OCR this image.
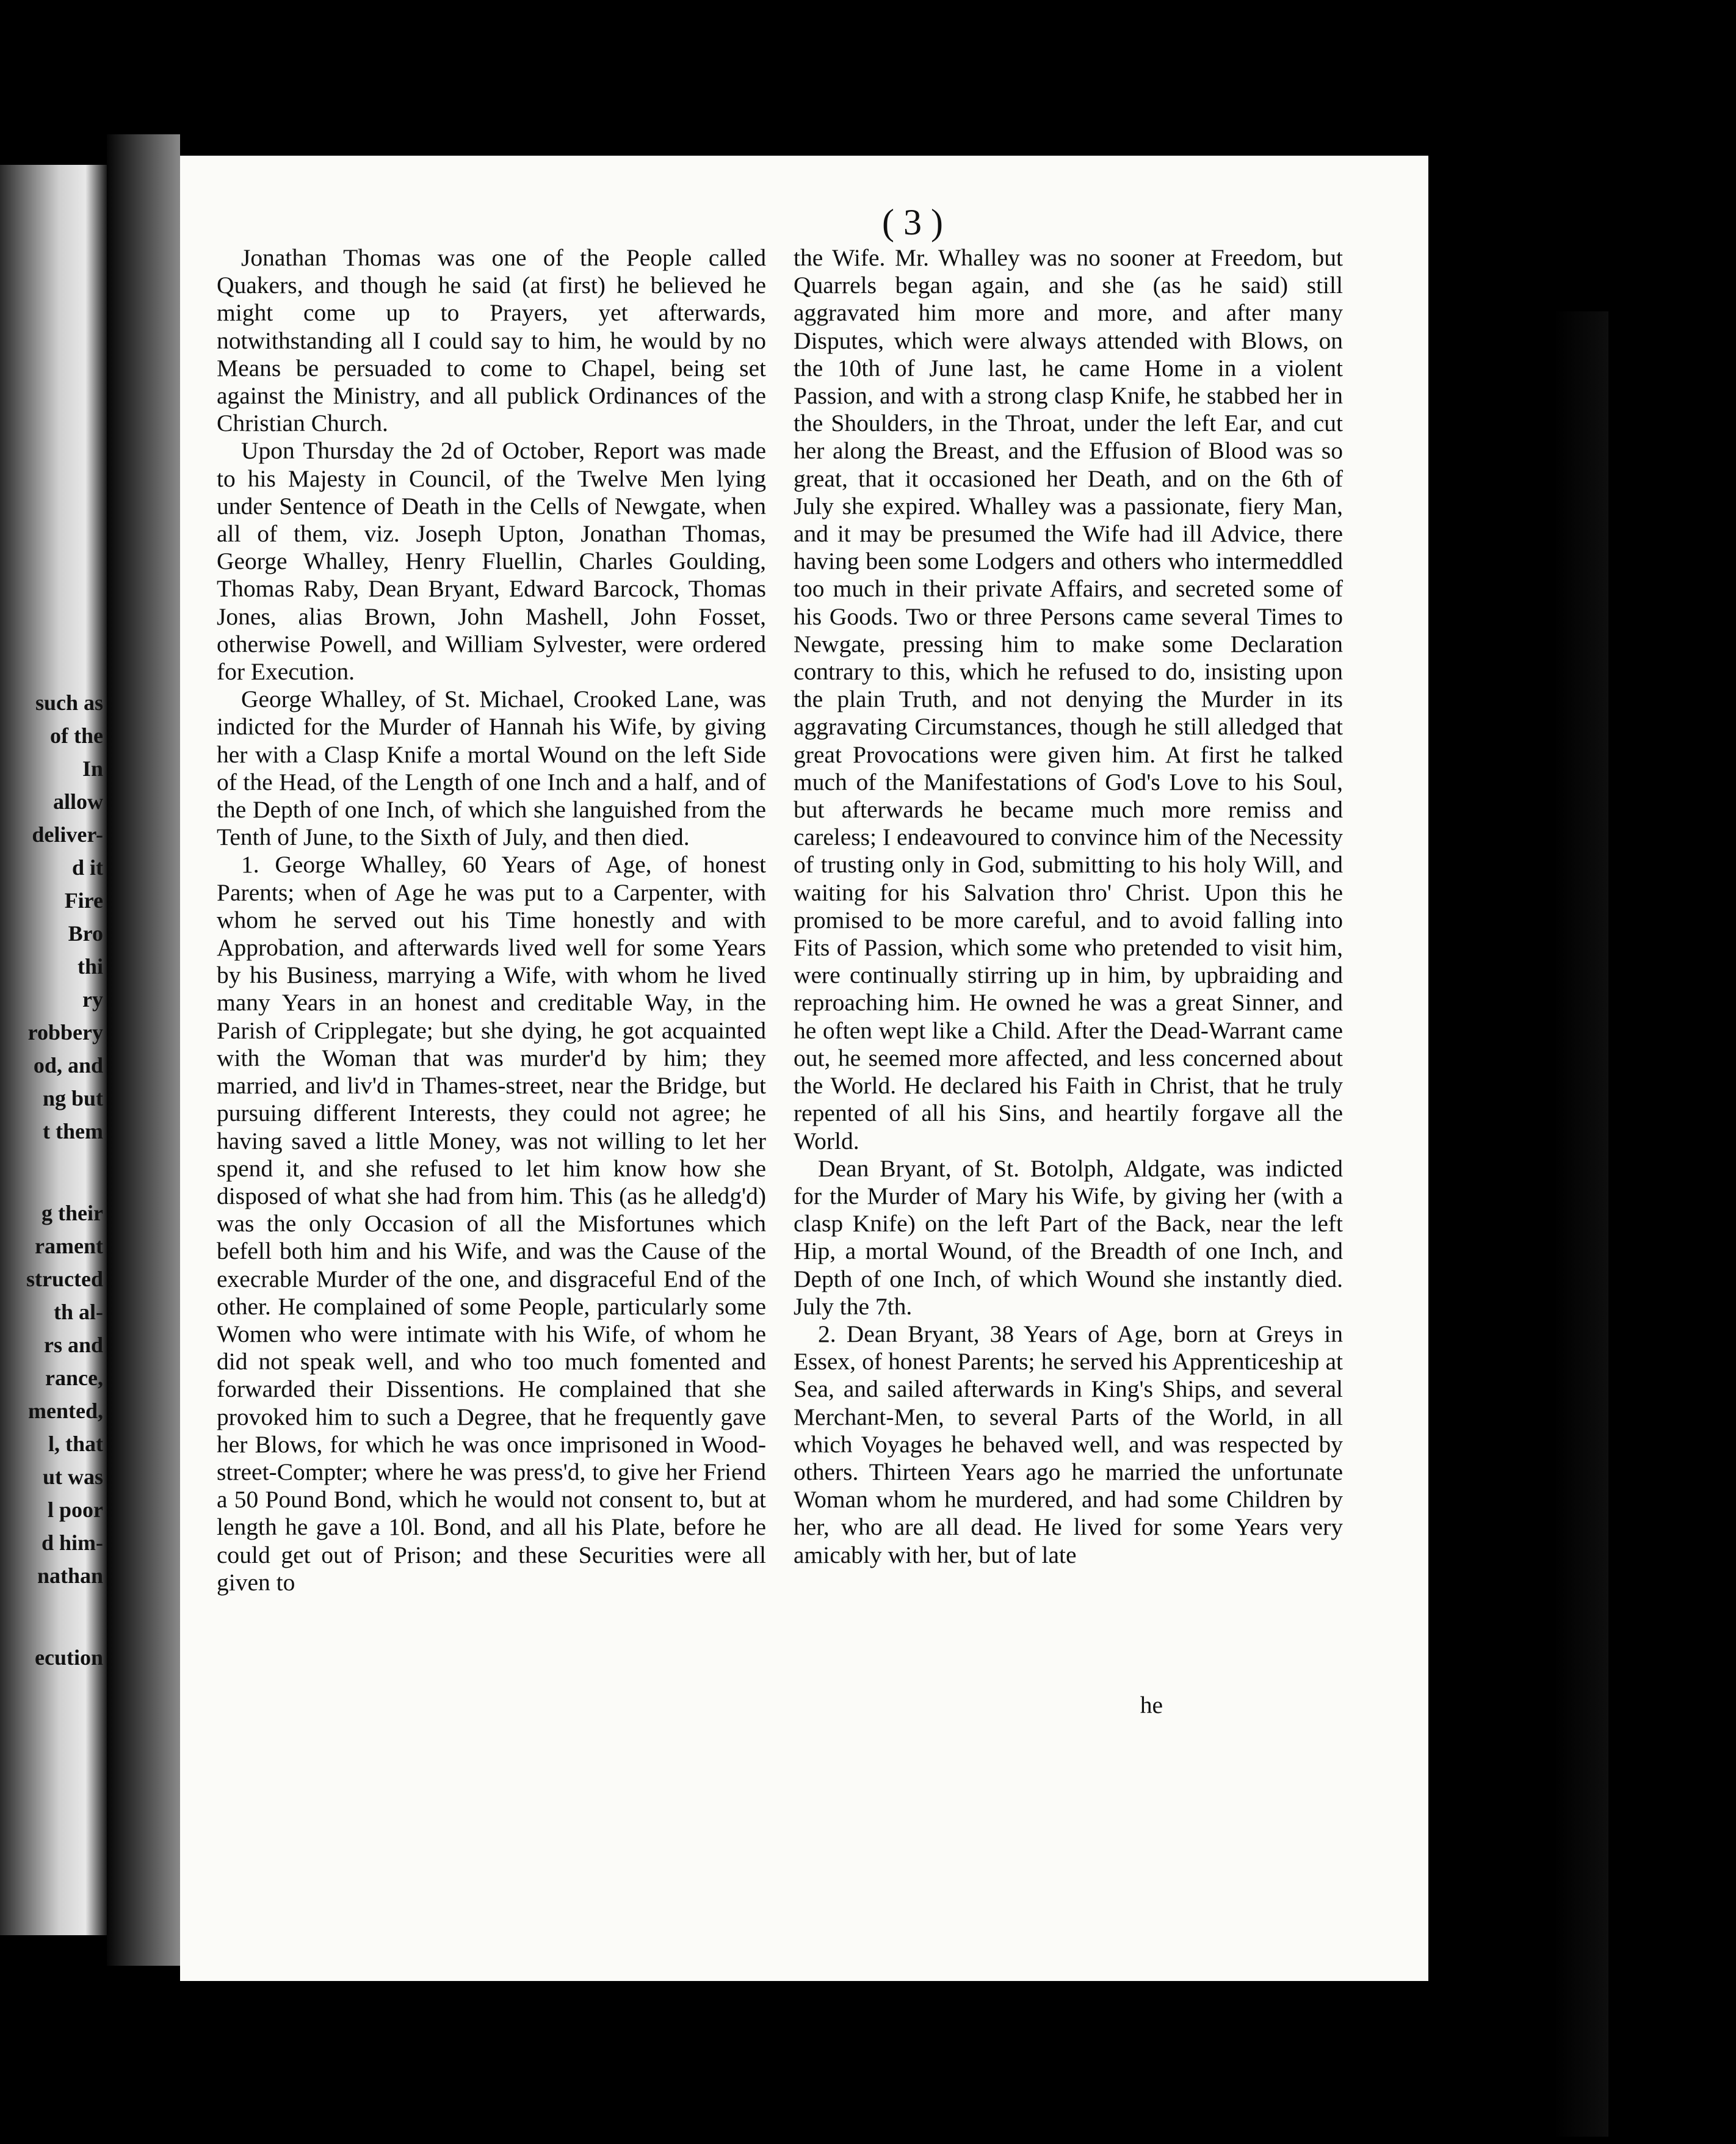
such as
of the
In
allow
deliver-
d it
Fire
Bro
thi
ry
robbery
od, and
ng but
t them
g their
rament
structed
th al-
rs and
rance,
mented,
l, that
ut was
l poor
d him-
nathan
ecution
( 3 )

Jonathan Thomas was one of the People called Quakers, and though he said (at first) he believed he might come up to Prayers, yet afterwards, notwithstanding all I could say to him, he would by no Means be persuaded to come to Chapel, being set against the Ministry, and all publick Ordinances of the Christian Church.

Upon Thursday the 2d of October, Report was made to his Majesty in Council, of the Twelve Men lying under Sentence of Death in the Cells of Newgate, when all of them, viz. Joseph Upton, Jonathan Thomas, George Whalley, Henry Fluellin, Charles Goulding, Thomas Raby, Dean Bryant, Edward Barcock, Thomas Jones, alias Brown, John Mashell, John Fosset, otherwise Powell, and William Sylvester, were ordered for Execution.

George Whalley, of St. Michael, Crooked Lane, was indicted for the Murder of Hannah his Wife, by giving her with a Clasp Knife a mortal Wound on the left Side of the Head, of the Length of one Inch and a half, and of the Depth of one Inch, of which she languished from the Tenth of June, to the Sixth of July, and then died.

1. George Whalley, 60 Years of Age, of honest Parents; when of Age he was put to a Carpenter, with whom he served out his Time honestly and with Approbation, and afterwards lived well for some Years by his Business, marrying a Wife, with whom he lived many Years in an honest and creditable Way, in the Parish of Cripplegate; but she dying, he got acquainted with the Woman that was murder'd by him; they married, and liv'd in Thames-street, near the Bridge, but pursuing different Interests, they could not agree; he having saved a little Money, was not willing to let her spend it, and she refused to let him know how she disposed of what she had from him. This (as he alledg'd) was the only Occasion of all the Misfortunes which befell both him and his Wife, and was the Cause of the execrable Murder of the one, and disgraceful End of the other. He complained of some People, particularly some Women who were intimate with his Wife, of whom he did not speak well, and who too much fomented and forwarded their Dissentions. He complained that she provoked him to such a Degree, that he frequently gave her Blows, for which he was once imprisoned in Wood-street-Compter; where he was press'd, to give her Friend a 50 Pound Bond, which he would not consent to, but at length he gave a 10l. Bond, and all his Plate, before he could get out of Prison; and these Securities were all given to

the Wife. Mr. Whalley was no sooner at Freedom, but Quarrels began again, and she (as he said) still aggravated him more and more, and after many Disputes, which were always attended with Blows, on the 10th of June last, he came Home in a violent Passion, and with a strong clasp Knife, he stabbed her in the Shoulders, in the Throat, under the left Ear, and cut her along the Breast, and the Effusion of Blood was so great, that it occasioned her Death, and on the 6th of July she expired. Whalley was a passionate, fiery Man, and it may be presumed the Wife had ill Advice, there having been some Lodgers and others who intermeddled too much in their private Affairs, and secreted some of his Goods. Two or three Persons came several Times to Newgate, pressing him to make some Declaration contrary to this, which he refused to do, insisting upon the plain Truth, and not denying the Murder in its aggravating Circumstances, though he still alledged that great Provocations were given him. At first he talked much of the Manifestations of God's Love to his Soul, but afterwards he became much more remiss and careless; I endeavoured to convince him of the Necessity of trusting only in God, submitting to his holy Will, and waiting for his Salvation thro' Christ. Upon this he promised to be more careful, and to avoid falling into Fits of Passion, which some who pretended to visit him, were continually stirring up in him, by upbraiding and reproaching him. He owned he was a great Sinner, and he often wept like a Child. After the Dead-Warrant came out, he seemed more affected, and less concerned about the World. He declared his Faith in Christ, that he truly repented of all his Sins, and heartily forgave all the World.

Dean Bryant, of St. Botolph, Aldgate, was indicted for the Murder of Mary his Wife, by giving her (with a clasp Knife) on the left Part of the Back, near the left Hip, a mortal Wound, of the Breadth of one Inch, and Depth of one Inch, of which Wound she instantly died. July the 7th.

2. Dean Bryant, 38 Years of Age, born at Greys in Essex, of honest Parents; he served his Apprenticeship at Sea, and sailed afterwards in King's Ships, and several Merchant-Men, to several Parts of the World, in all which Voyages he behaved well, and was respected by others. Thirteen Years ago he married the unfortunate Woman whom he murdered, and had some Children by her, who are all dead. He lived for some Years very amicably with her, but of late

he
